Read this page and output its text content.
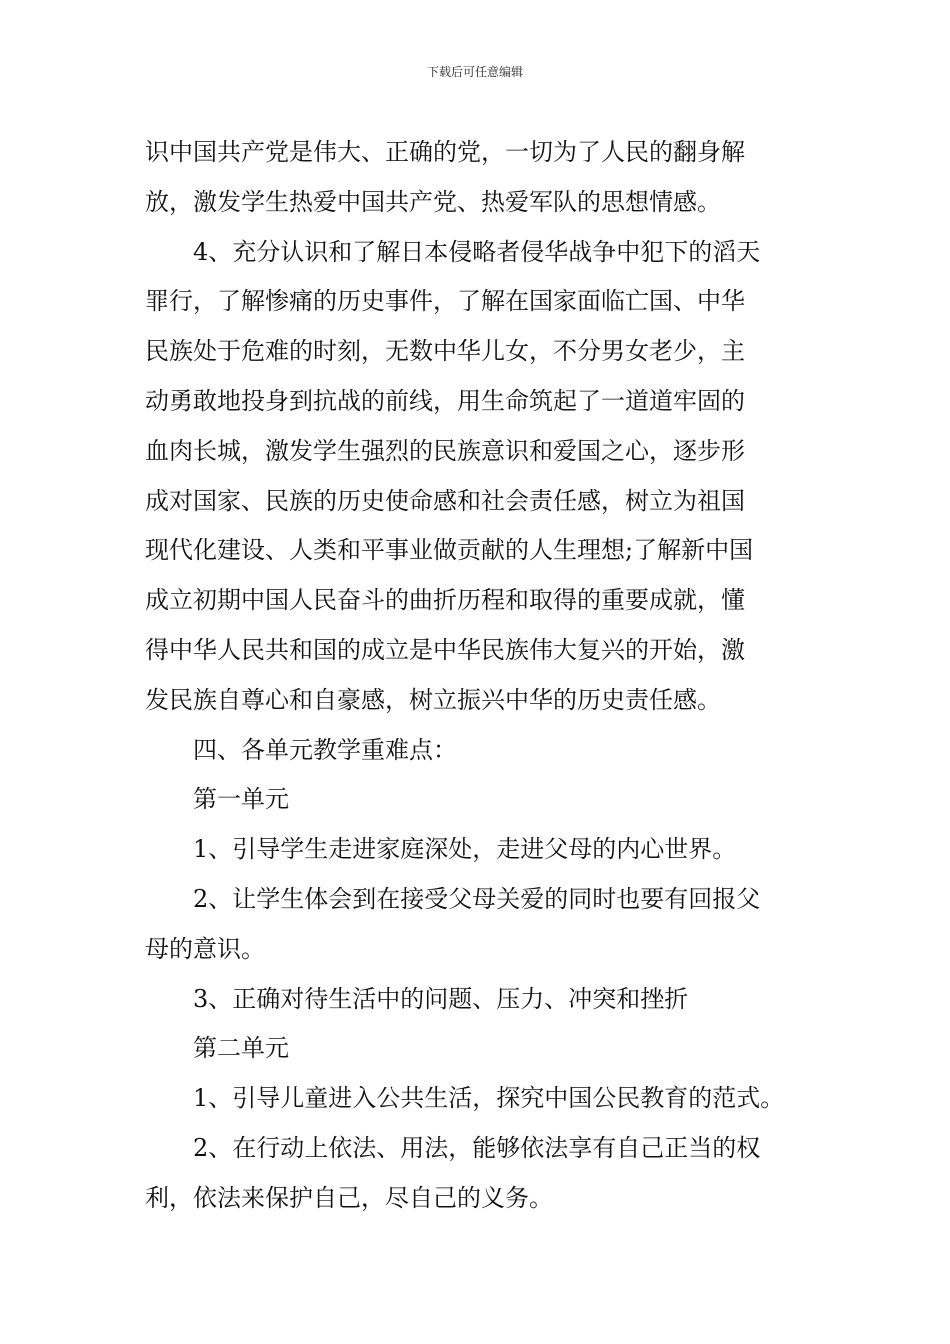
下载后可任意编辑
识中国共产党是伟大、正确的党，一切为了人民的翻身解
放，激发学生热爱中国共产党、热爱军队的思想情感。
4、充分认识和了解日本侵略者侵华战争中犯下的滔天
罪行，了解惨痛的历史事件，了解在国家面临亡国、中华
民族处于危难的时刻，无数中华儿女，不分男女老少，主
动勇敢地投身到抗战的前线，用生命筑起了一道道牢固的
血肉长城，激发学生强烈的民族意识和爱国之心，逐步形
成对国家、民族的历史使命感和社会责任感，树立为祖国
现代化建设、人类和平事业做贡献的人生理想;了解新中国
成立初期中国人民奋斗的曲折历程和取得的重要成就，懂
得中华人民共和国的成立是中华民族伟大复兴的开始，激
发民族自尊心和自豪感，树立振兴中华的历史责任感。
四、各单元教学重难点：
第一单元
1、引导学生走进家庭深处，走进父母的内心世界。
2、让学生体会到在接受父母关爱的同时也要有回报父
母的意识。
3、正确对待生活中的问题、压力、冲突和挫折
第二单元
1、引导儿童进入公共生活，探究中国公民教育的范式。
2、在行动上依法、用法，能够依法享有自己正当的权
利，依法来保护自己，尽自己的义务。
